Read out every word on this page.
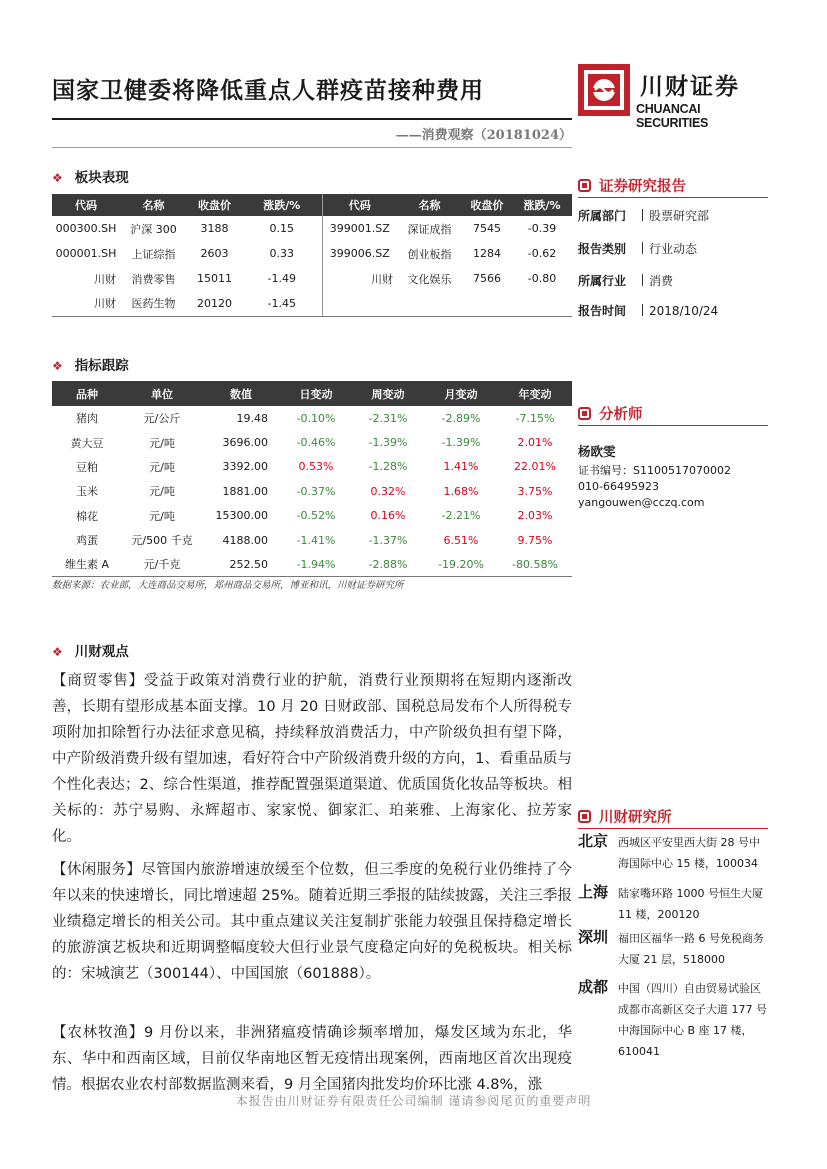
国家卫健委将降低重点人群疫苗接种费用	川财证券
CHUANCAI SECURITIES
——消费观察（20181024）
❖ 板块表现
代码	名称	收盘价	涨跌/%	代码	名称	收盘价	涨跌/%
000300.SH	沪深 300	3188	0.15	399001.SZ	深证成指	7545	-0.39
000001.SH	上证综指	2603	0.33	399006.SZ	创业板指	1284	-0.62
川财	消费零售	15011	-1.49	川财	文化娱乐	7566	-0.80
川财	医药生物	20120	-1.45				
❖ 指标跟踪
品种	单位	数值	日变动	周变动	月变动	年变动
猪肉	元/公斤	19.48	-0.10%	-2.31%	-2.89%	-7.15%
黄大豆	元/吨	3696.00	-0.46%	-1.39%	-1.39%	2.01%
豆粕	元/吨	3392.00	0.53%	-1.28%	1.41%	22.01%
玉米	元/吨	1881.00	-0.37%	0.32%	1.68%	3.75%
棉花	元/吨	15300.00	-0.52%	0.16%	-2.21%	2.03%
鸡蛋	元/500 千克	4188.00	-1.41%	-1.37%	6.51%	9.75%
维生素 A	元/千克	252.50	-1.94%	-2.88%	-19.20%	-80.58%
数据来源：农业部，大连商品交易所，郑州商品交易所，博亚和讯，川财证券研究所
❖ 川财观点

【商贸零售】受益于政策对消费行业的护航，消费行业预期将在短期内逐渐改善，长期有望形成基本面支撑。10 月 20 日财政部、国税总局发布个人所得税专项附加扣除暂行办法征求意见稿，持续释放消费活力，中产阶级负担有望下降，中产阶级消费升级有望加速，看好符合中产阶级消费升级的方向，1、看重品质与个性化表达；2、综合性渠道，推荐配置强渠道渠道、优质国货化妆品等板块。相关标的：苏宁易购、永辉超市、家家悦、御家汇、珀莱雅、上海家化、拉芳家化。

【休闲服务】尽管国内旅游增速放缓至个位数，但三季度的免税行业仍维持了今年以来的快速增长，同比增速超 25%。随着近期三季报的陆续披露，关注三季报业绩稳定增长的相关公司。其中重点建议关注复制扩张能力较强且保持稳定增长的旅游演艺板块和近期调整幅度较大但行业景气度稳定向好的免税板块。相关标的：宋城演艺（300144）、中国国旅（601888）。

【农林牧渔】9 月份以来，非洲猪瘟疫情确诊频率增加，爆发区域为东北，华东、华中和西南区域，目前仅华南地区暂无疫情出现案例，西南地区首次出现疫情。根据农业农村部数据监测来看，9 月全国猪肉批发均价环比涨 4.8%，涨

证券研究报告
所属部门 股票研究部
报告类别 行业动态
所属行业 消费
报告时间 2018/10/24
分析师
杨欧雯
证书编号：S1100517070002
010-66495923
yangouwen@cczq.com
川财研究所
北京 西城区平安里西大街 28 号中海国际中心 15 楼，100034
上海 陆家嘴环路 1000 号恒生大厦 11 楼，200120
深圳 福田区福华一路 6 号免税商务大厦 21 层，518000
成都 中国（四川）自由贸易试验区成都市高新区交子大道 177 号中海国际中心 B 座 17 楼，610041
本报告由川财证券有限责任公司编制 谨请参阅尾页的重要声明
